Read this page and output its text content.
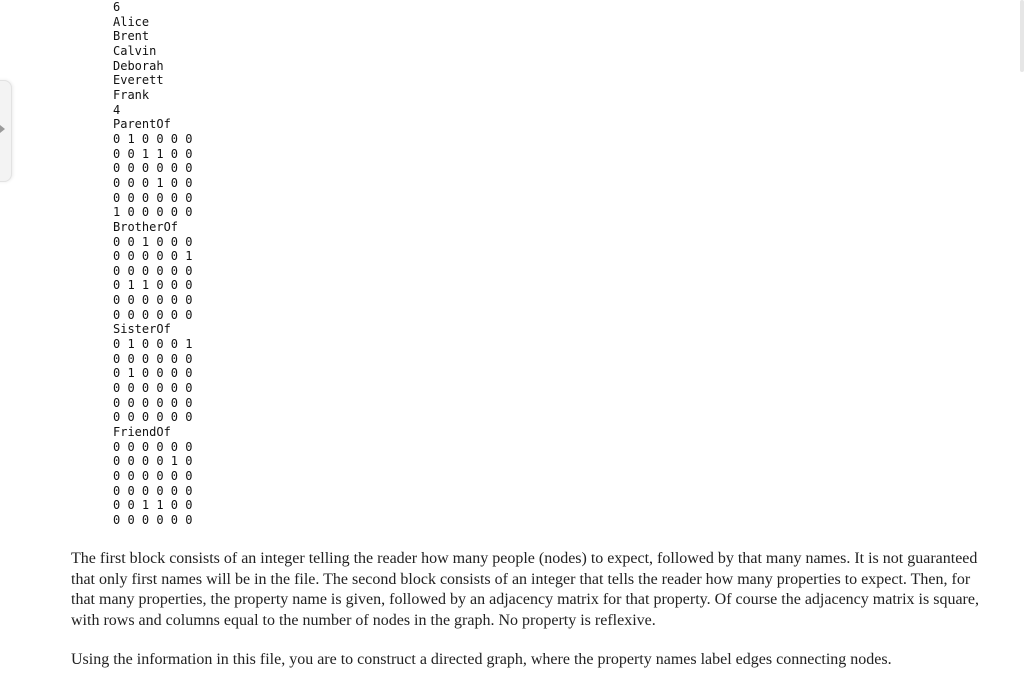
6
Alice
Brent
Calvin
Deborah
Everett
Frank
4
ParentOf
0 1 0 0 0 0
0 0 1 1 0 0
0 0 0 0 0 0
0 0 0 1 0 0
0 0 0 0 0 0
1 0 0 0 0 0
BrotherOf
0 0 1 0 0 0
0 0 0 0 0 1
0 0 0 0 0 0
0 1 1 0 0 0
0 0 0 0 0 0
0 0 0 0 0 0
SisterOf
0 1 0 0 0 1
0 0 0 0 0 0
0 1 0 0 0 0
0 0 0 0 0 0
0 0 0 0 0 0
0 0 0 0 0 0
FriendOf
0 0 0 0 0 0
0 0 0 0 1 0
0 0 0 0 0 0
0 0 0 0 0 0
0 0 1 1 0 0
0 0 0 0 0 0

The first block consists of an integer telling the reader how many people (nodes) to expect, followed by that many names. It is not guaranteed that only first names will be in the file. The second block consists of an integer that tells the reader how many properties to expect. Then, for that many properties, the property name is given, followed by an adjacency matrix for that property. Of course the adjacency matrix is square, with rows and columns equal to the number of nodes in the graph. No property is reflexive.

Using the information in this file, you are to construct a directed graph, where the property names label edges connecting nodes.
